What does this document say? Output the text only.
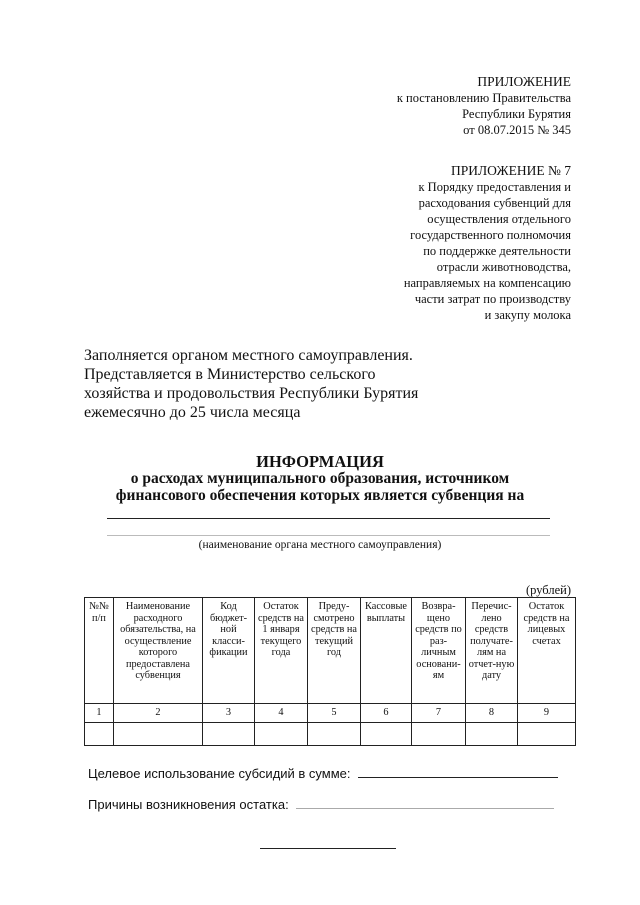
ПРИЛОЖЕНИЕ
к постановлению Правительства
Республики Бурятия
от 08.07.2015 № 345
ПРИЛОЖЕНИЕ № 7
к Порядку предоставления и
расходования субвенций для
осуществления отдельного
государственного полномочия
по поддержке деятельности
отрасли животноводства,
направляемых на компенсацию
части затрат по производству
и закупу молока
Заполняется органом местного самоуправления.
Представляется в Министерство сельского
хозяйства и продовольствия Республики Бурятия
ежемесячно до 25 числа месяца
ИНФОРМАЦИЯ
о расходах муниципального образования, источником
финансового обеспечения которых является субвенция на
(наименование органа местного самоуправления)
(рублей)
№№ п/п	Наименование расходного обязательства, на осуществление которого предоставлена субвенция	Код бюджет-ной класси-фикации	Остаток средств на 1 января текущего года	Преду-смотрено средств на текущий год	Кассовые выплаты	Возвра-щено средств по раз-личным основани-ям	Перечис-лено средств получате-лям на отчет-ную дату	Остаток средств на лицевых счетах
1	2	3	4	5	6	7	8	9

Целевое использование субсидий в сумме:
Причины возникновения остатка:
